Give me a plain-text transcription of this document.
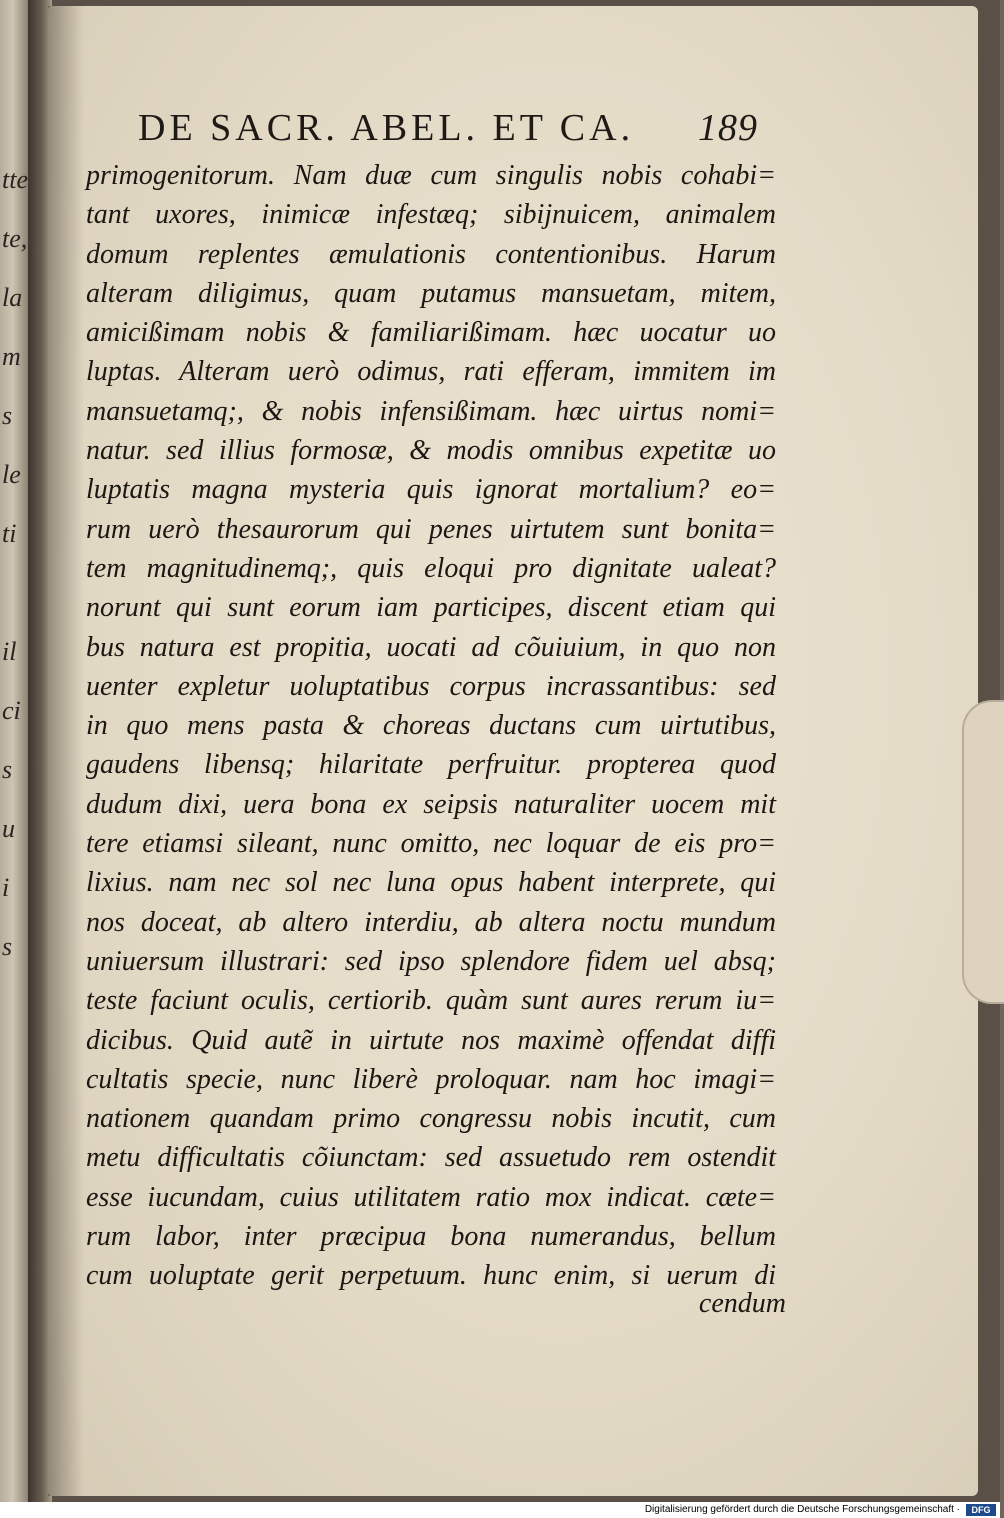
tte
te,
la
m
s
le
ti
il
ci
s
u
i
s
DE SACR. ABEL. ET CA. 189
primogenitorum. Nam duæ cum singulis nobis cohabi=
tant uxores, inimicæ infestæq; sibijnuicem, animalem
domum replentes æmulationis contentionibus. Harum
alteram diligimus, quam putamus mansuetam, mitem,
amicißimam nobis & familiarißimam. hæc uocatur uo
luptas. Alteram uerò odimus, rati efferam, immitem im
mansuetamq;, & nobis infensißimam. hæc uirtus nomi=
natur. sed illius formosæ, & modis omnibus expetitæ uo
luptatis magna mysteria quis ignorat mortalium? eo=
rum uerò thesaurorum qui penes uirtutem sunt bonita=
tem magnitudinemq;, quis eloqui pro dignitate ualeat?
norunt qui sunt eorum iam participes, discent etiam qui
bus natura est propitia, uocati ad cõuiuium, in quo non
uenter expletur uoluptatibus corpus incrassantibus: sed
in quo mens pasta & choreas ductans cum uirtutibus,
gaudens libensq; hilaritate perfruitur. propterea quod
dudum dixi, uera bona ex seipsis naturaliter uocem mit
tere etiamsi sileant, nunc omitto, nec loquar de eis pro=
lixius. nam nec sol nec luna opus habent interprete, qui
nos doceat, ab altero interdiu, ab altera noctu mundum
uniuersum illustrari: sed ipso splendore fidem uel absq;
teste faciunt oculis, certiorib. quàm sunt aures rerum iu=
dicibus. Quid autẽ in uirtute nos maximè offendat diffi
cultatis specie, nunc liberè proloquar. nam hoc imagi=
nationem quandam primo congressu nobis incutit, cum
metu difficultatis cõiunctam: sed assuetudo rem ostendit
esse iucundam, cuius utilitatem ratio mox indicat. cæte=
rum labor, inter præcipua bona numerandus, bellum
cum uoluptate gerit perpetuum. hunc enim, si uerum di
cendum
Digitalisierung gefördert durch die Deutsche Forschungsgemeinschaft ·	DFG
